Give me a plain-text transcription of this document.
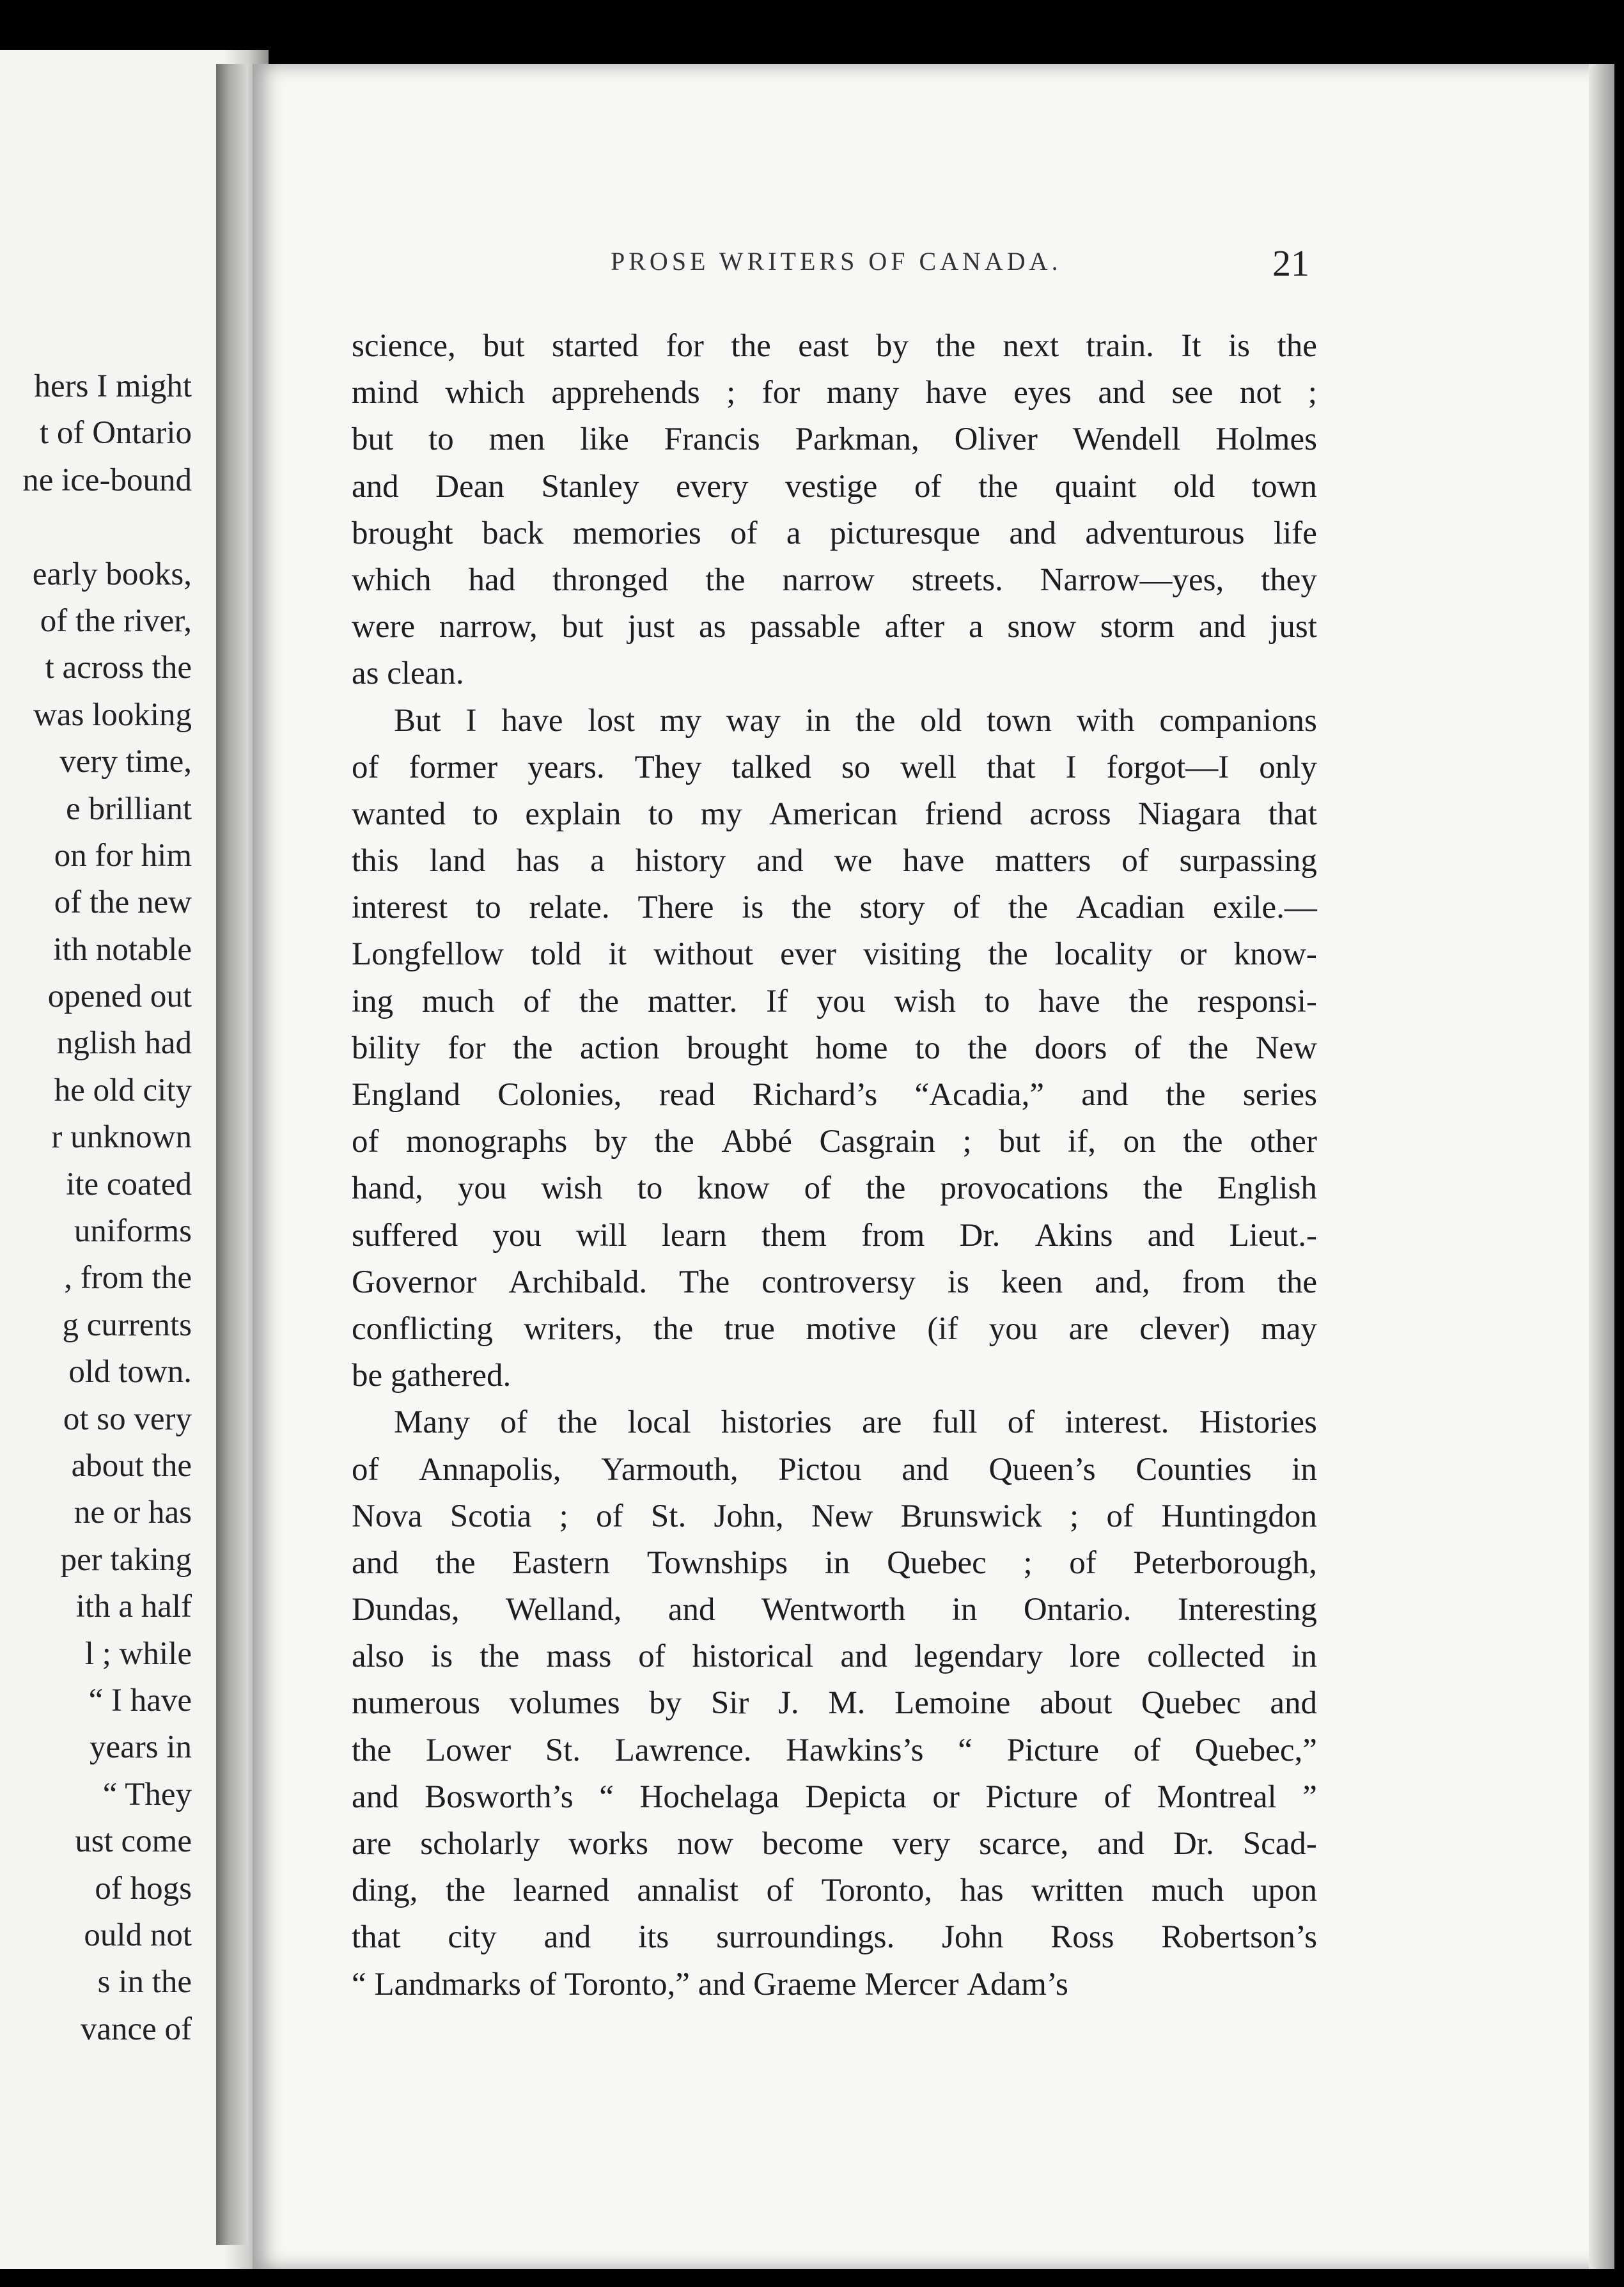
hers I might
t of Ontario
ne ice-bound
early books,
of the river,
t across the
was looking
very time,
e brilliant
on for him
of the new
ith notable
opened out
nglish had
he old city
r unknown
ite coated
uniforms
, from the
g currents
old town.
ot so very
about the
ne or has
per taking
ith a half
l ; while
“ I have
years in
“ They
ust come
of hogs
ould not
s in the
vance of
PROSE WRITERS OF CANADA.	21
science, but started for the east by the next train. It is the
mind which apprehends ; for many have eyes and see not ;
but to men like Francis Parkman, Oliver Wendell Holmes
and Dean Stanley every vestige of the quaint old town
brought back memories of a picturesque and adventurous life
which had thronged the narrow streets. Narrow—yes, they
were narrow, but just as passable after a snow storm and just
as
clean.
But I have lost my way in the old town with companions
of former years. They talked so well that I forgot—I only
wanted to explain to my American friend across Niagara that
this land has a history and we have matters of surpassing
interest to relate. There is the story of the Acadian exile.—
Longfellow told it without ever visiting the locality or know-
ing much of the matter. If you wish to have the responsi-
bility for the action brought home to the doors of the New
England Colonies, read Richard’s “Acadia,” and the series
of monographs by the Abbé Casgrain ; but if, on the other
hand, you wish to know of the provocations the English
suffered you will learn them from Dr. Akins and Lieut.-
Governor Archibald. The controversy is keen and, from the
conflicting writers, the true motive (if you are clever) may
be
gathered.
Many of the local histories are full of interest. Histories
of Annapolis, Yarmouth, Pictou and Queen’s Counties in
Nova Scotia ; of St. John, New Brunswick ; of Huntingdon
and the Eastern Townships in Quebec ; of Peterborough,
Dundas, Welland, and Wentworth in Ontario. Interesting
also is the mass of historical and legendary lore collected in
numerous volumes by Sir J. M. Lemoine about Quebec and
the Lower St. Lawrence. Hawkins’s “ Picture of Quebec,”
and Bosworth’s “ Hochelaga Depicta or Picture of Montreal ”
are scholarly works now become very scarce, and Dr. Scad-
ding, the learned annalist of Toronto, has written much upon
that city and its surroundings. John Ross Robertson’s
“
Landmarks
of
Toronto,”
and
Graeme
Mercer
Adam’s
